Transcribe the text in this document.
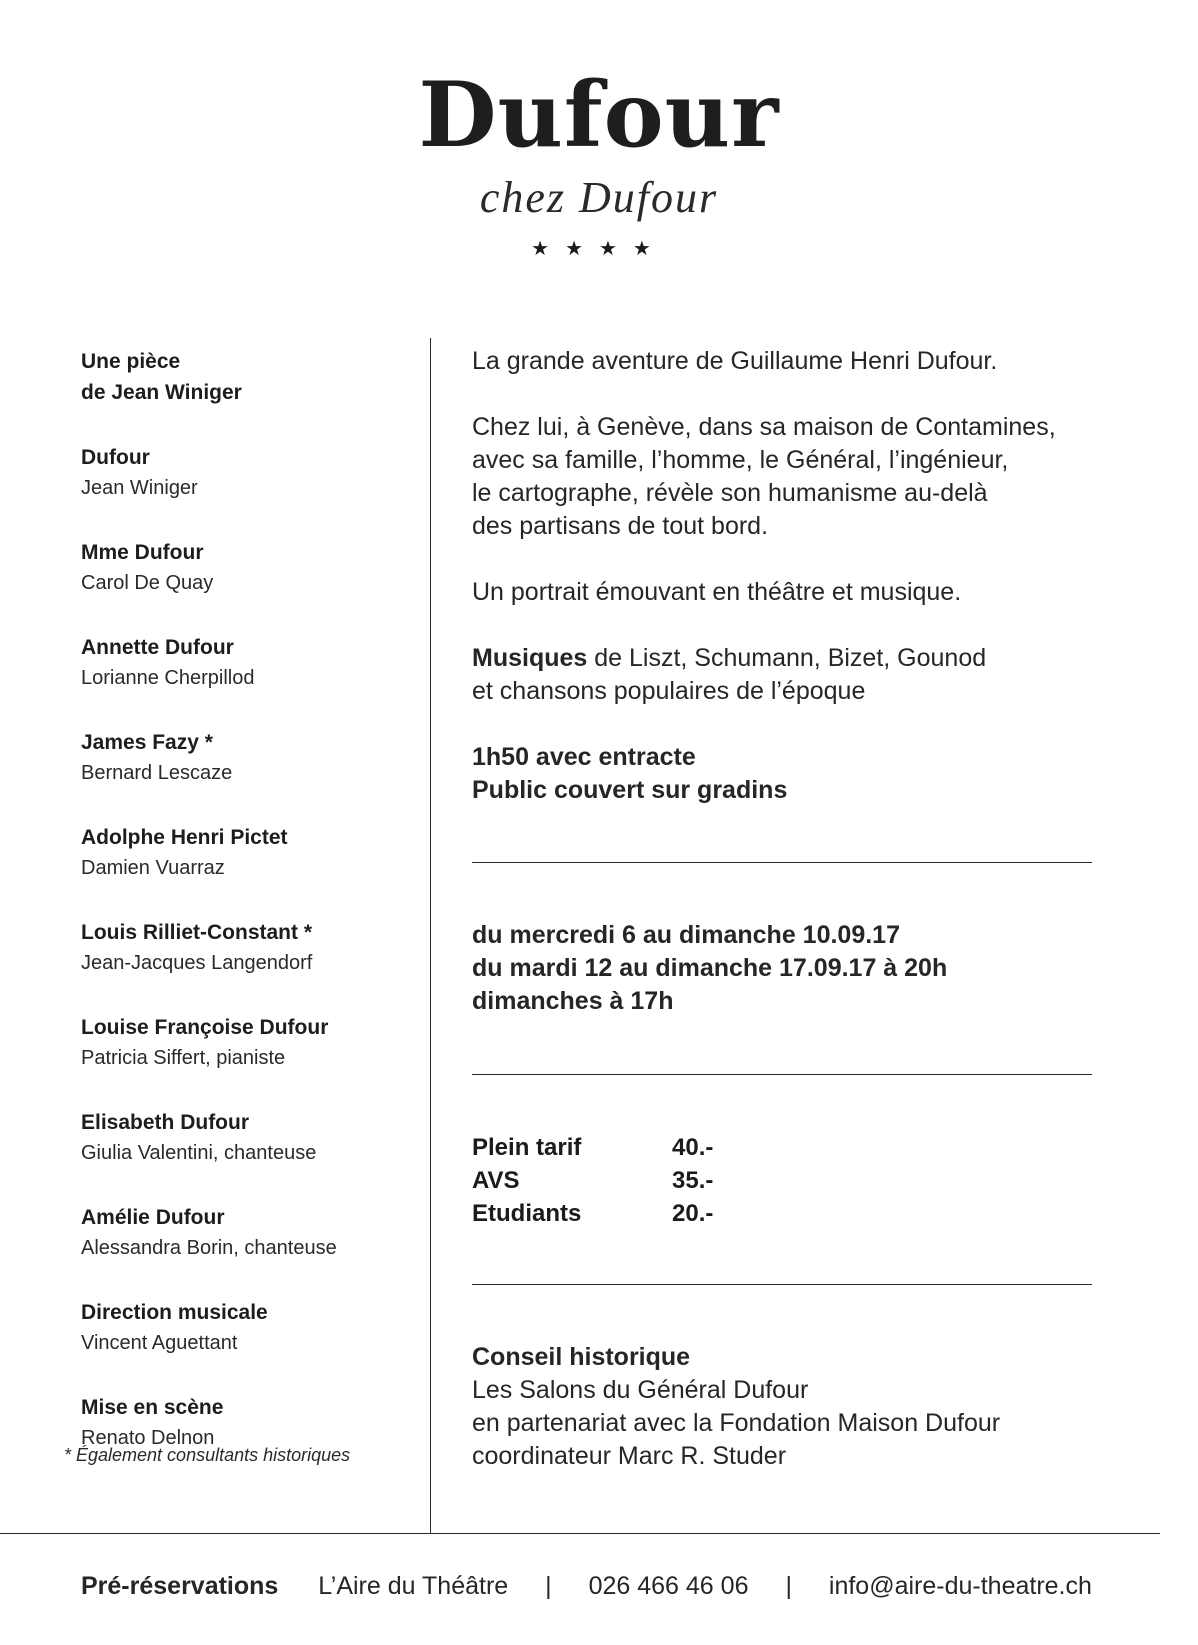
Dufour
chez Dufour
★★★★
Une pièce
de Jean Winiger
Dufour
Jean Winiger
Mme Dufour
Carol De Quay
Annette Dufour
Lorianne Cherpillod
James Fazy *
Bernard Lescaze
Adolphe Henri Pictet
Damien Vuarraz
Louis Rilliet-Constant *
Jean-Jacques Langendorf
Louise Françoise Dufour
Patricia Siffert, pianiste
Elisabeth Dufour
Giulia Valentini, chanteuse
Amélie Dufour
Alessandra Borin, chanteuse
Direction musicale
Vincent Aguettant
Mise en scène
Renato Delnon
* Également consultants historiques

La grande aventure de Guillaume Henri Dufour.

Chez lui, à Genève, dans sa maison de Contamines,

avec sa famille, l’homme, le Général, l’ingénieur,

le cartographe, révèle son humanisme au-delà

des partisans de tout bord.

Un portrait émouvant en théâtre et musique.

Musiques de Liszt, Schumann, Bizet, Gounod

et chansons populaires de l’époque

1h50 avec entracte

Public couvert sur gradins

du mercredi 6 au dimanche 10.09.17

du mardi 12 au dimanche 17.09.17 à 20h

dimanches à 17h

Plein tarif	40.-
AVS	35.-
Etudiants	20.-

Conseil historique

Les Salons du Général Dufour

en partenariat avec la Fondation Maison Dufour

coordinateur Marc R. Studer

Pré-réservations L’Aire du Théâtre | 026 466 46 06 | info@aire-du-theatre.ch
